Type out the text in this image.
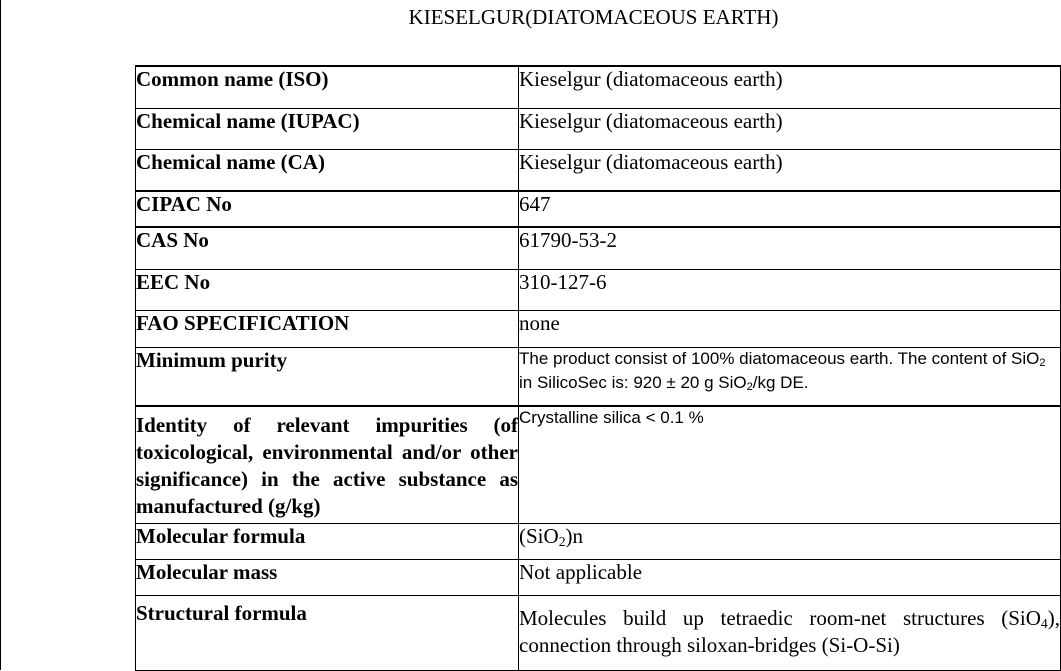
KIESELGUR(DIATOMACEOUS EARTH)
Common name (ISO)	Kieselgur (diatomaceous earth)
Chemical name (IUPAC)	Kieselgur (diatomaceous earth)
Chemical name (CA)	Kieselgur (diatomaceous earth)
CIPAC No	647
CAS No	61790-53-2
EEC No	310-127-6
FAO SPECIFICATION	none
Minimum purity	The product consist of 100% diatomaceous earth. The content of SiO$_2$ in SilicoSec is: 920 ± 20 g SiO$_2$/kg DE.
Identity of relevant impurities (of toxicological, environmental and/or other significance) in the active substance as manufactured (g/kg)	Crystalline silica < 0.1 %
Molecular formula	(SiO$_2$)n
Molecular mass	Not applicable
Structural formula	Molecules build up tetraedic room-net structures (SiO$_4$), connection through siloxan-bridges (Si-O-Si)
